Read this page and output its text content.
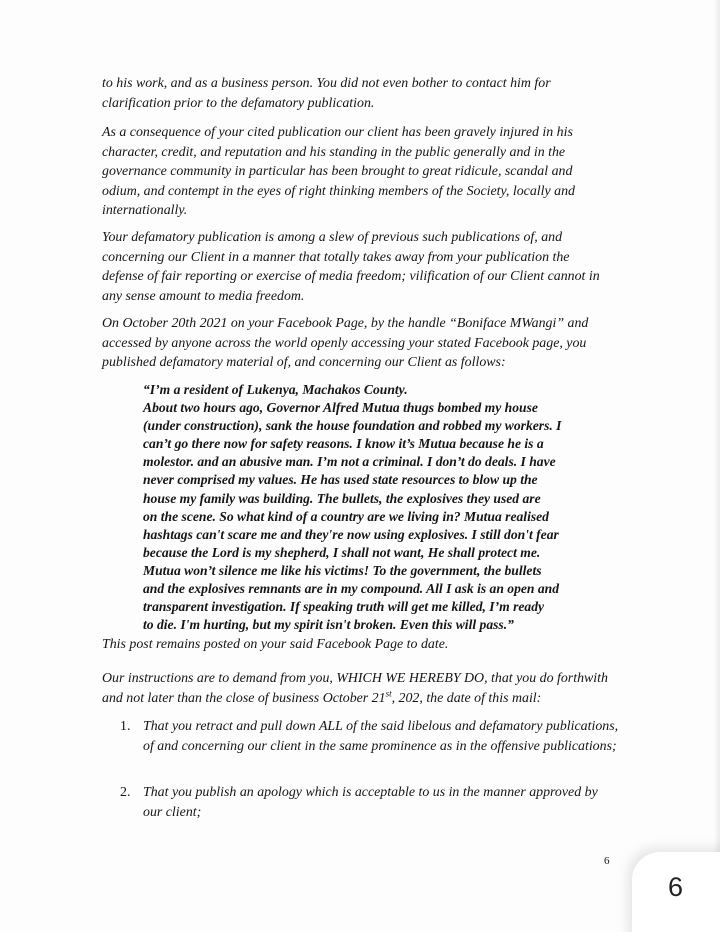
to his work, and as a business person. You did not even bother to contact him for clarification prior to the defamatory publication.

As a consequence of your cited publication our client has been gravely injured in his character, credit, and reputation and his standing in the public generally and in the governance community in particular has been brought to great ridicule, scandal and odium, and contempt in the eyes of right thinking members of the Society, locally and internationally.

Your defamatory publication is among a slew of previous such publications of, and concerning our Client in a manner that totally takes away from your publication the defense of fair reporting or exercise of media freedom; vilification of our Client cannot in any sense amount to media freedom.

On October 20th 2021 on your Facebook Page, by the handle “Boniface MWangi” and accessed by anyone across the world openly accessing your stated Facebook page, you published defamatory material of, and concerning our Client as follows:

“I’m a resident of Lukenya, Machakos County.
About two hours ago, Governor Alfred Mutua thugs bombed my house
(under construction), sank the house foundation and robbed my workers. I
can’t go there now for safety reasons. I know it’s Mutua because he is a
molestor. and an abusive man. I’m not a criminal. I don’t do deals. I have
never comprised my values. He has used state resources to blow up the
house my family was building. The bullets, the explosives they used are
on the scene. So what kind of a country are we living in? Mutua realised
hashtags can't scare me and they're now using explosives. I still don't fear
because the Lord is my shepherd, I shall not want, He shall protect me.
Mutua won’t silence me like his victims! To the government, the bullets
and the explosives remnants are in my compound. All I ask is an open and
transparent investigation. If speaking truth will get me killed, I’m ready
to die. I'm hurting, but my spirit isn't broken. Even this will pass.”

This post remains posted on your said Facebook Page to date.

Our instructions are to demand from you, WHICH WE HEREBY DO, that you do forthwith and not later than the close of business October 21st, 202, the date of this mail:

1. That you retract and pull down ALL of the said libelous and defamatory publications, of and concerning our client in the same prominence as in the offensive publications;
2. That you publish an apology which is acceptable to us in the manner approved by our client;
6
6
